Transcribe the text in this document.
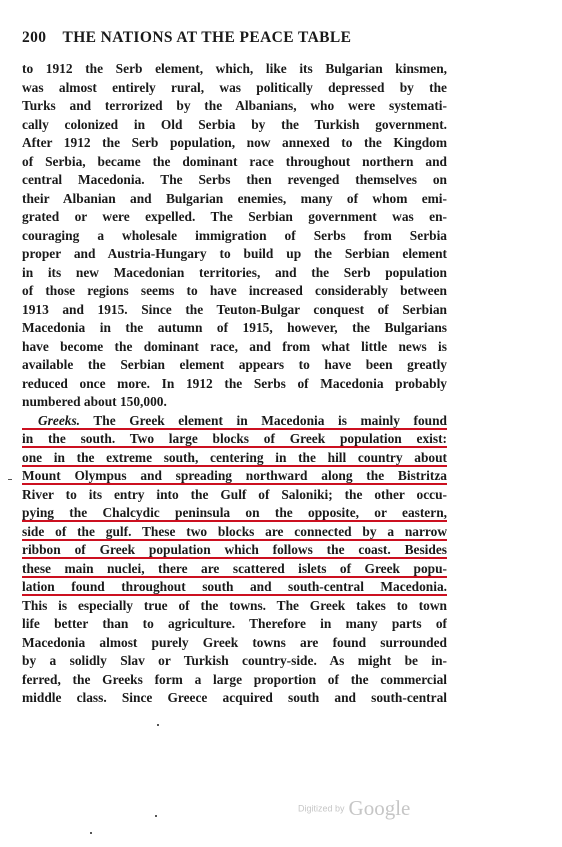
200 THE NATIONS AT THE PEACE TABLE
to 1912 the Serb element, which, like its Bulgarian kinsmen,
was almost entirely rural, was politically depressed by the
Turks and terrorized by the Albanians, who were systemati-
cally colonized in Old Serbia by the Turkish government.
After 1912 the Serb population, now annexed to the Kingdom
of Serbia, became the dominant race throughout northern and
central Macedonia. The Serbs then revenged themselves on
their Albanian and Bulgarian enemies, many of whom emi-
grated or were expelled. The Serbian government was en-
couraging a wholesale immigration of Serbs from Serbia
proper and Austria-Hungary to build up the Serbian element
in its new Macedonian territories, and the Serb population
of those regions seems to have increased considerably between
1913 and 1915. Since the Teuton-Bulgar conquest of Serbian
Macedonia in the autumn of 1915, however, the Bulgarians
have become the dominant race, and from what little news is
available the Serbian element appears to have been greatly
reduced once more. In 1912 the Serbs of Macedonia probably
numbered about 150,000.
Greeks. The Greek element in Macedonia is mainly found
in the south. Two large blocks of Greek population exist:
one in the extreme south, centering in the hill country about
Mount Olympus and spreading northward along the Bistritza
River to its entry into the Gulf of Saloniki; the other occu-
pying the Chalcydic peninsula on the opposite, or eastern,
side of the gulf. These two blocks are connected by a narrow
ribbon of Greek population which follows the coast. Besides
these main nuclei, there are scattered islets of Greek popu-
lation found throughout south and south-central Macedonia.
This is especially true of the towns. The Greek takes to town
life better than to agriculture. Therefore in many parts of
Macedonia almost purely Greek towns are found surrounded
by a solidly Slav or Turkish country-side. As might be in-
ferred, the Greeks form a large proportion of the commercial
middle class. Since Greece acquired south and south-central
Digitized by Google
